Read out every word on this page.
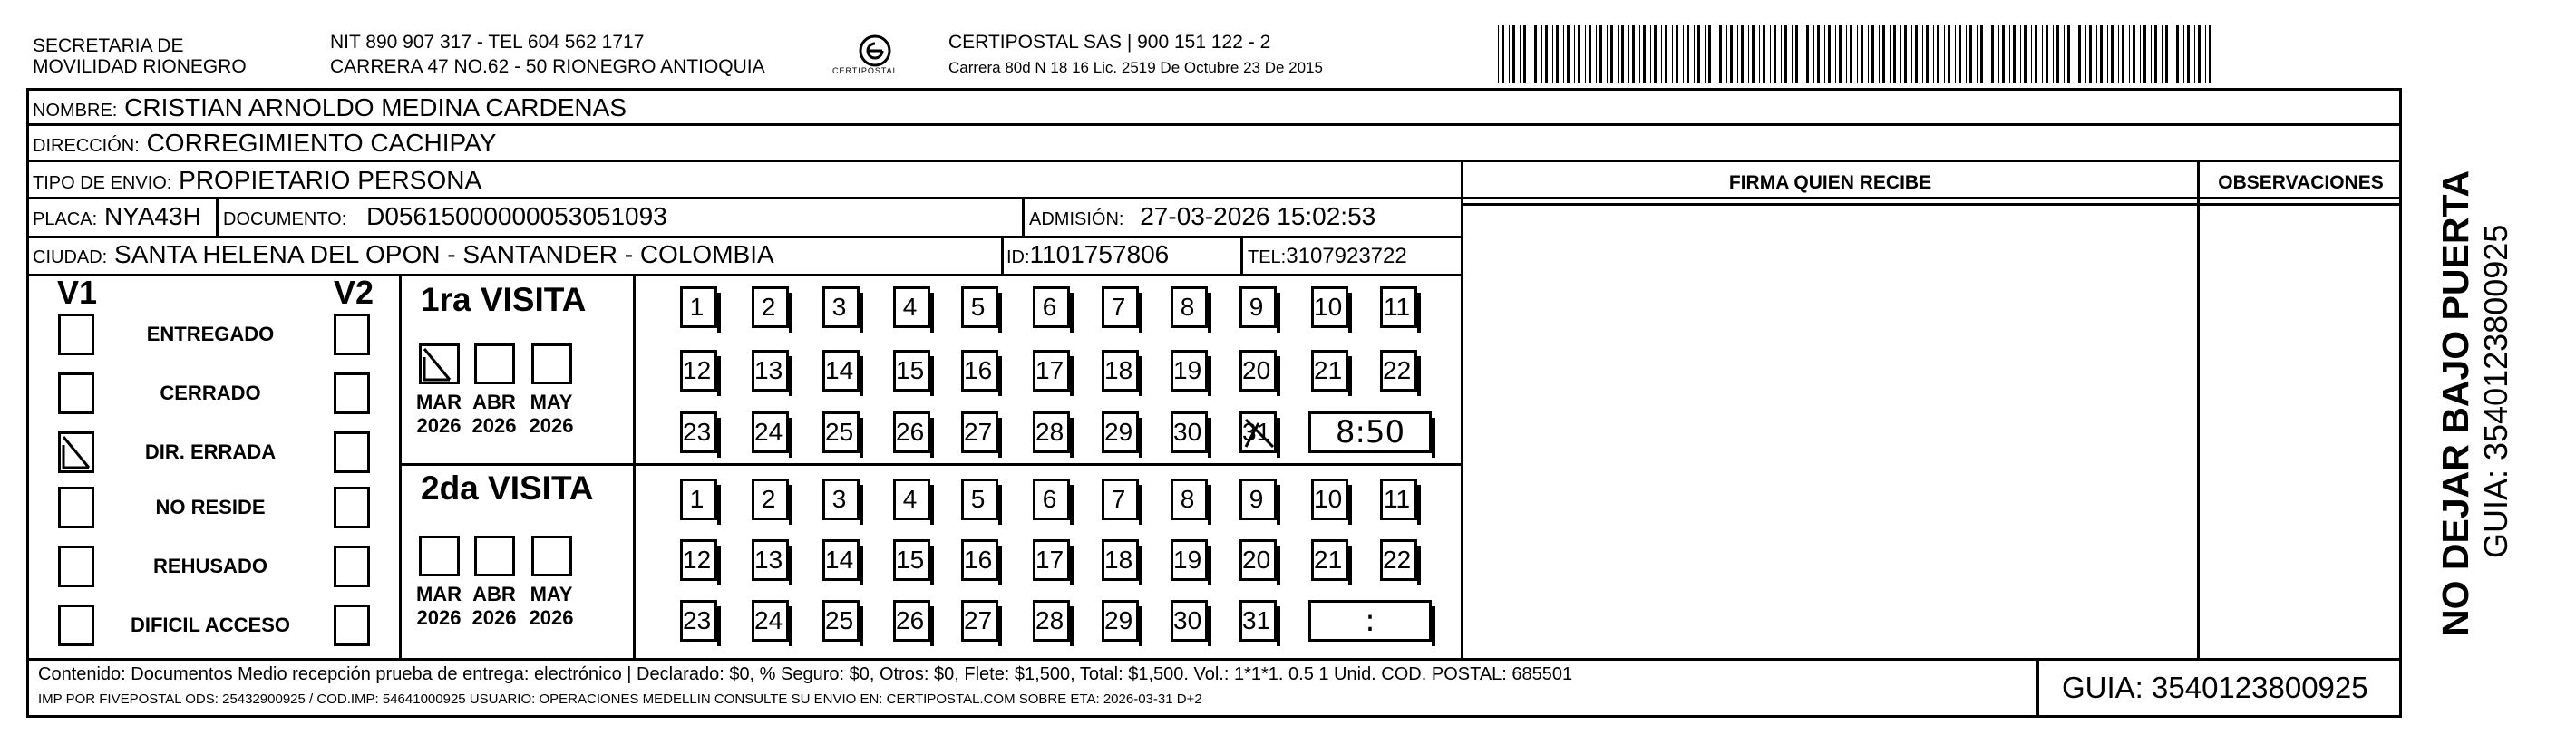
SECRETARIA DE
MOVILIDAD RIONEGRO
NIT 890 907 317 - TEL 604 562 1717
CARRERA 47 NO.62 - 50 RIONEGRO ANTIOQUIA	CERTIPOSTAL
CERTIPOSTAL SAS | 900 151 122 - 2
Carrera 80d N 18 16 Lic. 2519 De Octubre 23 De 2015
NOMBRE: CRISTIAN ARNOLDO MEDINA CARDENAS
DIRECCIÓN: CORREGIMIENTO CACHIPAY
TIPO DE ENVIO: PROPIETARIO PERSONA
PLACA: NYA43H DOCUMENTO: D05615000000053051093	ADMISIÓN: 27-03-2026 15:02:53
CIUDAD: SANTA HELENA DEL OPON - SANTANDER - COLOMBIA	ID:1101757806	TEL:3107923722
FIRMA QUIEN RECIBE	OBSERVACIONES
V1	V2
ENTREGADO
CERRADO
DIR. ERRADA
NO RESIDE
REHUSADO
DIFICIL ACCESO
1ra VISITA
2da VISITA
MAR
2026
ABR
2026
MAY
2026
MAR
2026
ABR
2026
MAY
2026
1	2	3	4	5	6	7	8	9	10 11
12 13 14 15 16 17 18 19 20 21 22
23 24 25 26 27 28 29 30 31	8:50
1	2	3	4	5	6	7	8	9	10 11
12 13 14 15 16 17 18 19 20 21 22
23 24 25 26 27 28 29 30 31	:
Contenido: Documentos Medio recepción prueba de entrega: electrónico | Declarado: $0, % Seguro: $0, Otros: $0, Flete: $1,500, Total: $1,500. Vol.: 1*1*1. 0.5 1 Unid. COD. POSTAL: 685501
IMP POR FIVEPOSTAL ODS: 25432900925 / COD.IMP: 54641000925 USUARIO: OPERACIONES MEDELLIN CONSULTE SU ENVIO EN: CERTIPOSTAL.COM SOBRE ETA: 2026-03-31 D+2	GUIA: 3540123800925
NO DEJAR BAJO PUERTA GUIA: 3540123800925
